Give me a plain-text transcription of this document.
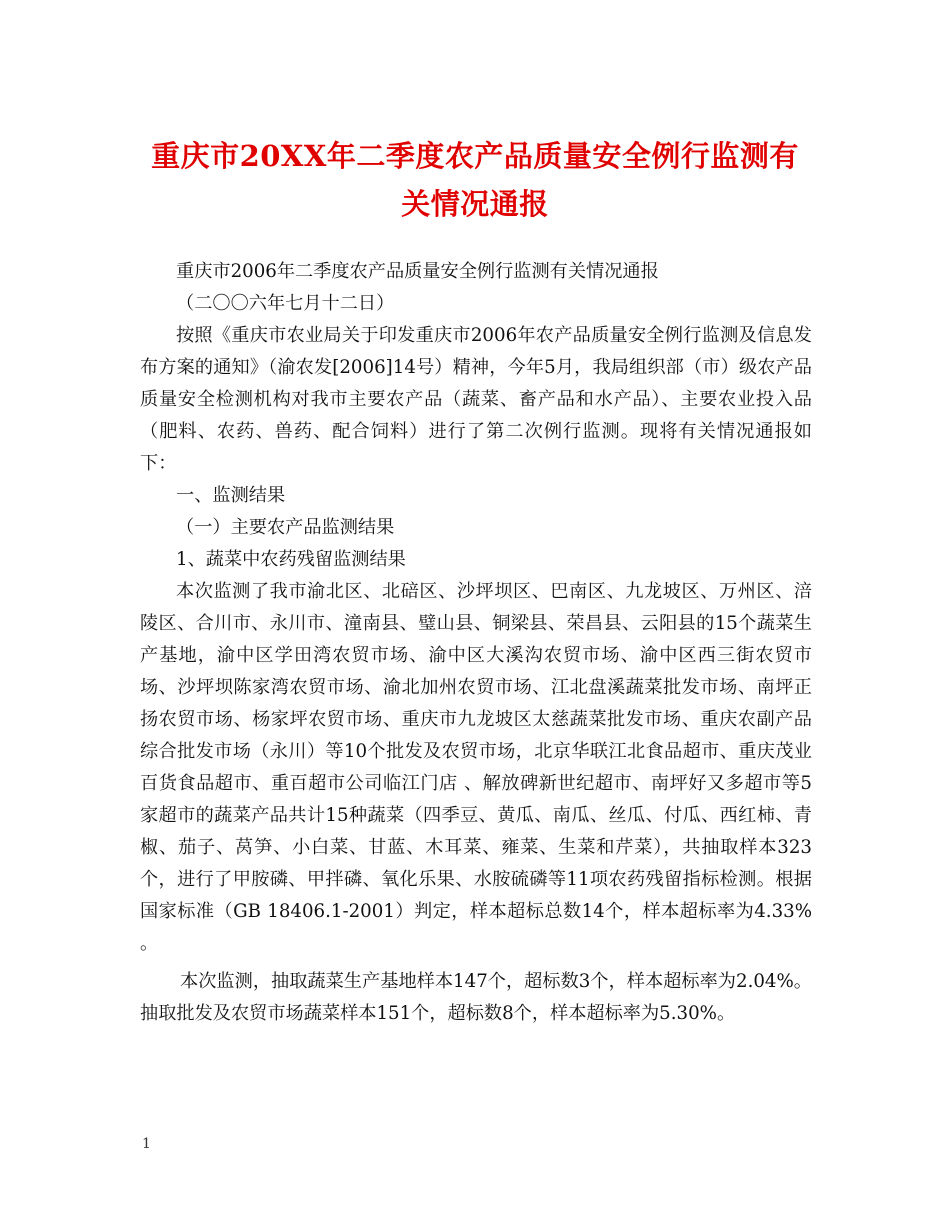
重庆市20XX年二季度农产品质量安全例行监测有关情况通报

重庆市2006年二季度农产品质量安全例行监测有关情况通报

（二〇〇六年七月十二日）

按照《重庆市农业局关于印发重庆市2006年农产品质量安全例行监测及信息发布方案的通知》（渝农发[2006]14号）精神，今年5月，我局组织部（市）级农产品质量安全检测机构对我市主要农产品（蔬菜、畜产品和水产品）、主要农业投入品（肥料、农药、兽药、配合饲料）进行了第二次例行监测。现将有关情况通报如下：

一、监测结果

（一）主要农产品监测结果

1、蔬菜中农药残留监测结果

本次监测了我市渝北区、北碚区、沙坪坝区、巴南区、九龙坡区、万州区、涪陵区、合川市、永川市、潼南县、璧山县、铜梁县、荣昌县、云阳县的15个蔬菜生产基地，渝中区学田湾农贸市场、渝中区大溪沟农贸市场、渝中区西三街农贸市场、沙坪坝陈家湾农贸市场、渝北加州农贸市场、江北盘溪蔬菜批发市场、南坪正扬农贸市场、杨家坪农贸市场、重庆市九龙坡区太慈蔬菜批发市场、重庆农副产品综合批发市场（永川）等10个批发及农贸市场，北京华联江北食品超市、重庆茂业百货食品超市、重百超市公司临江门店 、解放碑新世纪超市、南坪好又多超市等5家超市的蔬菜产品共计15种蔬菜（四季豆、黄瓜、南瓜、丝瓜、付瓜、西红柿、青椒、茄子、莴笋、小白菜、甘蓝、木耳菜、雍菜、生菜和芹菜），共抽取样本323个，进行了甲胺磷、甲拌磷、氧化乐果、水胺硫磷等11项农药残留指标检测。根据国家标准（GB 18406.1-2001）判定，样本超标总数14个，样本超标率为4.33% 。

本次监测，抽取蔬菜生产基地样本147个，超标数3个，样本超标率为2.04%。抽取批发及农贸市场蔬菜样本151个，超标数8个，样本超标率为5.30%。

1
